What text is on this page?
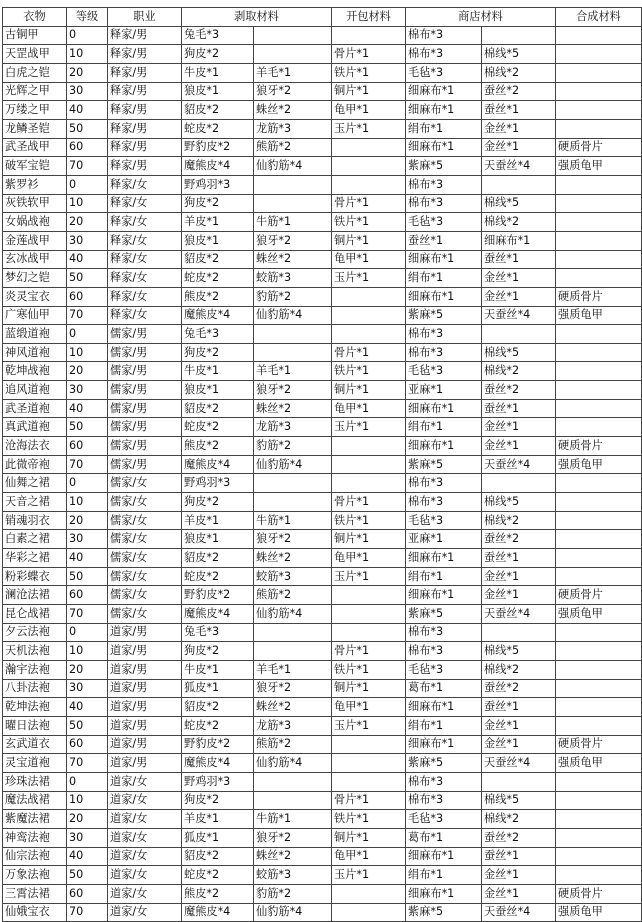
衣物	等级	职业	剥取材料		开包材料	商店材料		合成材料
古铜甲	0	释家/男	兔毛*3			棉布*3		
天罡战甲	10	释家/男	狗皮*2		骨片*1	棉布*3	棉线*5	
白虎之铠	20	释家/男	牛皮*1	羊毛*1	铁片*1	毛毡*3	棉线*2	
光辉之甲	30	释家/男	狼皮*1	狼牙*2	铜片*1	细麻布*1	蚕丝*2	
万缕之甲	40	释家/男	貂皮*2	蛛丝*2	龟甲*1	细麻布*1	蚕丝*1	
龙鳞圣铠	50	释家/男	蛇皮*2	龙筋*3	玉片*1	绢布*1	金丝*1	
武圣战甲	60	释家/男	野豹皮*2	熊筋*2		细麻布*1	金丝*1	硬质骨片
破军宝铠	70	释家/男	魔熊皮*4	仙豹筋*4		紫麻*5	天蚕丝*4	强质龟甲
紫罗衫	0	释家/女	野鸡羽*3			棉布*3		
灰铁软甲	10	释家/女	狗皮*2		骨片*1	棉布*3	棉线*5	
女娲战袍	20	释家/女	羊皮*1	牛筋*1	铁片*1	毛毡*3	棉线*2	
金莲战甲	30	释家/女	狼皮*1	狼牙*2	铜片*1	蚕丝*1	细麻布*1	
玄冰战甲	40	释家/女	貂皮*2	蛛丝*2	龟甲*1	细麻布*1	蚕丝*1	
梦幻之铠	50	释家/女	蛇皮*2	蛟筋*3	玉片*1	绢布*1	金丝*1	
炎灵宝衣	60	释家/女	熊皮*2	豹筋*2		细麻布*1	金丝*1	硬质骨片
广寒仙甲	70	释家/女	魔熊皮*4	仙豹筋*4		紫麻*5	天蚕丝*4	强质龟甲
蓝缎道袍	0	儒家/男	兔毛*3			棉布*3		
神风道袍	10	儒家/男	狗皮*2		骨片*1	棉布*3	棉线*5	
乾坤战袍	20	儒家/男	牛皮*1	羊毛*1	铁片*1	毛毡*3	棉线*2	
追风道袍	30	儒家/男	狼皮*1	狼牙*2	铜片*1	亚麻*1	蚕丝*2	
武圣道袍	40	儒家/男	貂皮*2	蛛丝*2	龟甲*1	细麻布*1	蚕丝*1	
真武道袍	50	儒家/男	蛇皮*2	龙筋*3	玉片*1	绢布*1	金丝*1	
沧海法衣	60	儒家/男	熊皮*2	豹筋*2		细麻布*1	金丝*1	硬质骨片
此微帝袍	70	儒家/男	魔熊皮*4	仙豹筋*4		紫麻*5	天蚕丝*4	强质龟甲
仙舞之裙	0	儒家/女	野鸡羽*3			棉布*3		
天音之裙	10	儒家/女	狗皮*2		骨片*1	棉布*3	棉线*5	
销魂羽衣	20	儒家/女	羊皮*1	牛筋*1	铁片*1	毛毡*3	棉线*2	
白素之裙	30	儒家/女	狼皮*1	狼牙*2	铜片*1	亚麻*1	蚕丝*2	
华彩之裙	40	儒家/女	貂皮*2	蛛丝*2	龟甲*1	细麻布*1	蚕丝*1	
粉彩蝶衣	50	儒家/女	蛇皮*2	蛟筋*3	玉片*1	绢布*1	金丝*1	
澜沧法裙	60	儒家/女	野豹皮*2	熊筋*2		细麻布*1	金丝*1	硬质骨片
昆仑战裙	70	儒家/女	魔熊皮*4	仙豹筋*4		紫麻*5	天蚕丝*4	强质龟甲
夕云法袍	0	道家/男	兔毛*3			棉布*3		
天机法袍	10	道家/男	狗皮*2		骨片*1	棉布*3	棉线*5	
瀚宇法袍	20	道家/男	牛皮*1	羊毛*1	铁片*1	毛毡*3	棉线*2	
八卦法袍	30	道家/男	狐皮*1	狼牙*2	铜片*1	葛布*1	蚕丝*2	
乾坤法袍	40	道家/男	貂皮*2	蛛丝*2	龟甲*1	细麻布*1	蚕丝*1	
曜日法袍	50	道家/男	蛇皮*2	龙筋*3	玉片*1	绢布*1	金丝*1	
玄武道衣	60	道家/男	野豹皮*2	熊筋*2		细麻布*1	金丝*1	硬质骨片
灵宝道袍	70	道家/男	魔熊皮*4	仙豹筋*4		紫麻*5	天蚕丝*4	强质龟甲
珍珠法裙	0	道家/女	野鸡羽*3			棉布*3		
魔法战裙	10	道家/女	狗皮*2		骨片*1	棉布*3	棉线*5	
紫魔法裙	20	道家/女	羊皮*1	牛筋*1	铁片*1	毛毡*3	棉线*2	
神鸾法袍	30	道家/女	狐皮*1	狼牙*2	铜片*1	葛布*1	蚕丝*2	
仙宗法袍	40	道家/女	貂皮*2	蛛丝*2	龟甲*1	细麻布*1	蚕丝*1	
万象法袍	50	道家/女	蛇皮*2	蛟筋*3	玉片*1	绢布*1	金丝*1	
三霄法裙	60	道家/女	熊皮*2	豹筋*2		细麻布*1	金丝*1	硬质骨片
仙娥宝衣	70	道家/女	魔熊皮*4	仙豹筋*4		紫麻*5	天蚕丝*4	强质龟甲
